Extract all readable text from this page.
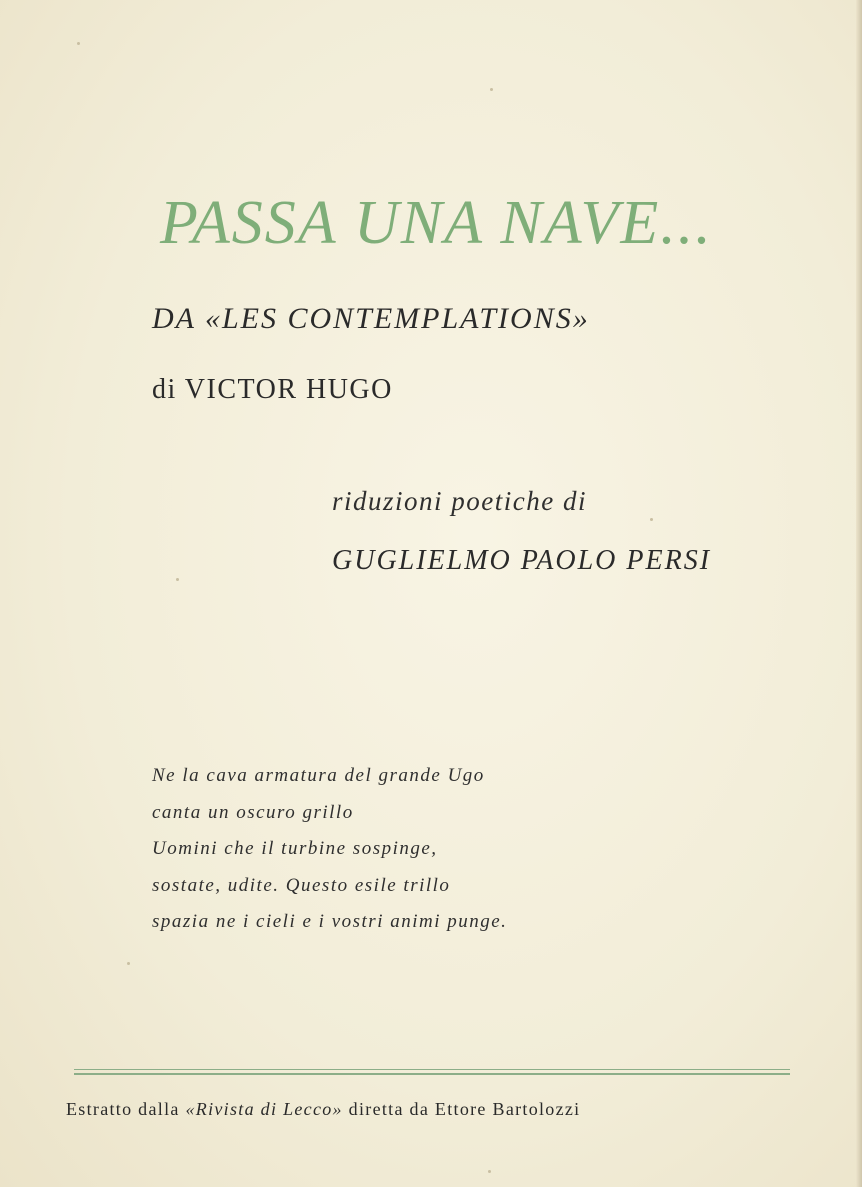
PASSA UNA NAVE...
DA «LES CONTEMPLATIONS»
di VICTOR HUGO
riduzioni poetiche di
GUGLIELMO PAOLO PERSI
Ne la cava armatura del grande Ugo
canta un oscuro grillo
Uomini che il turbine sospinge,
sostate, udite. Questo esile trillo
spazia ne i cieli e i vostri animi punge.
Estratto dalla «Rivista di Lecco» diretta da Ettore Bartolozzi
